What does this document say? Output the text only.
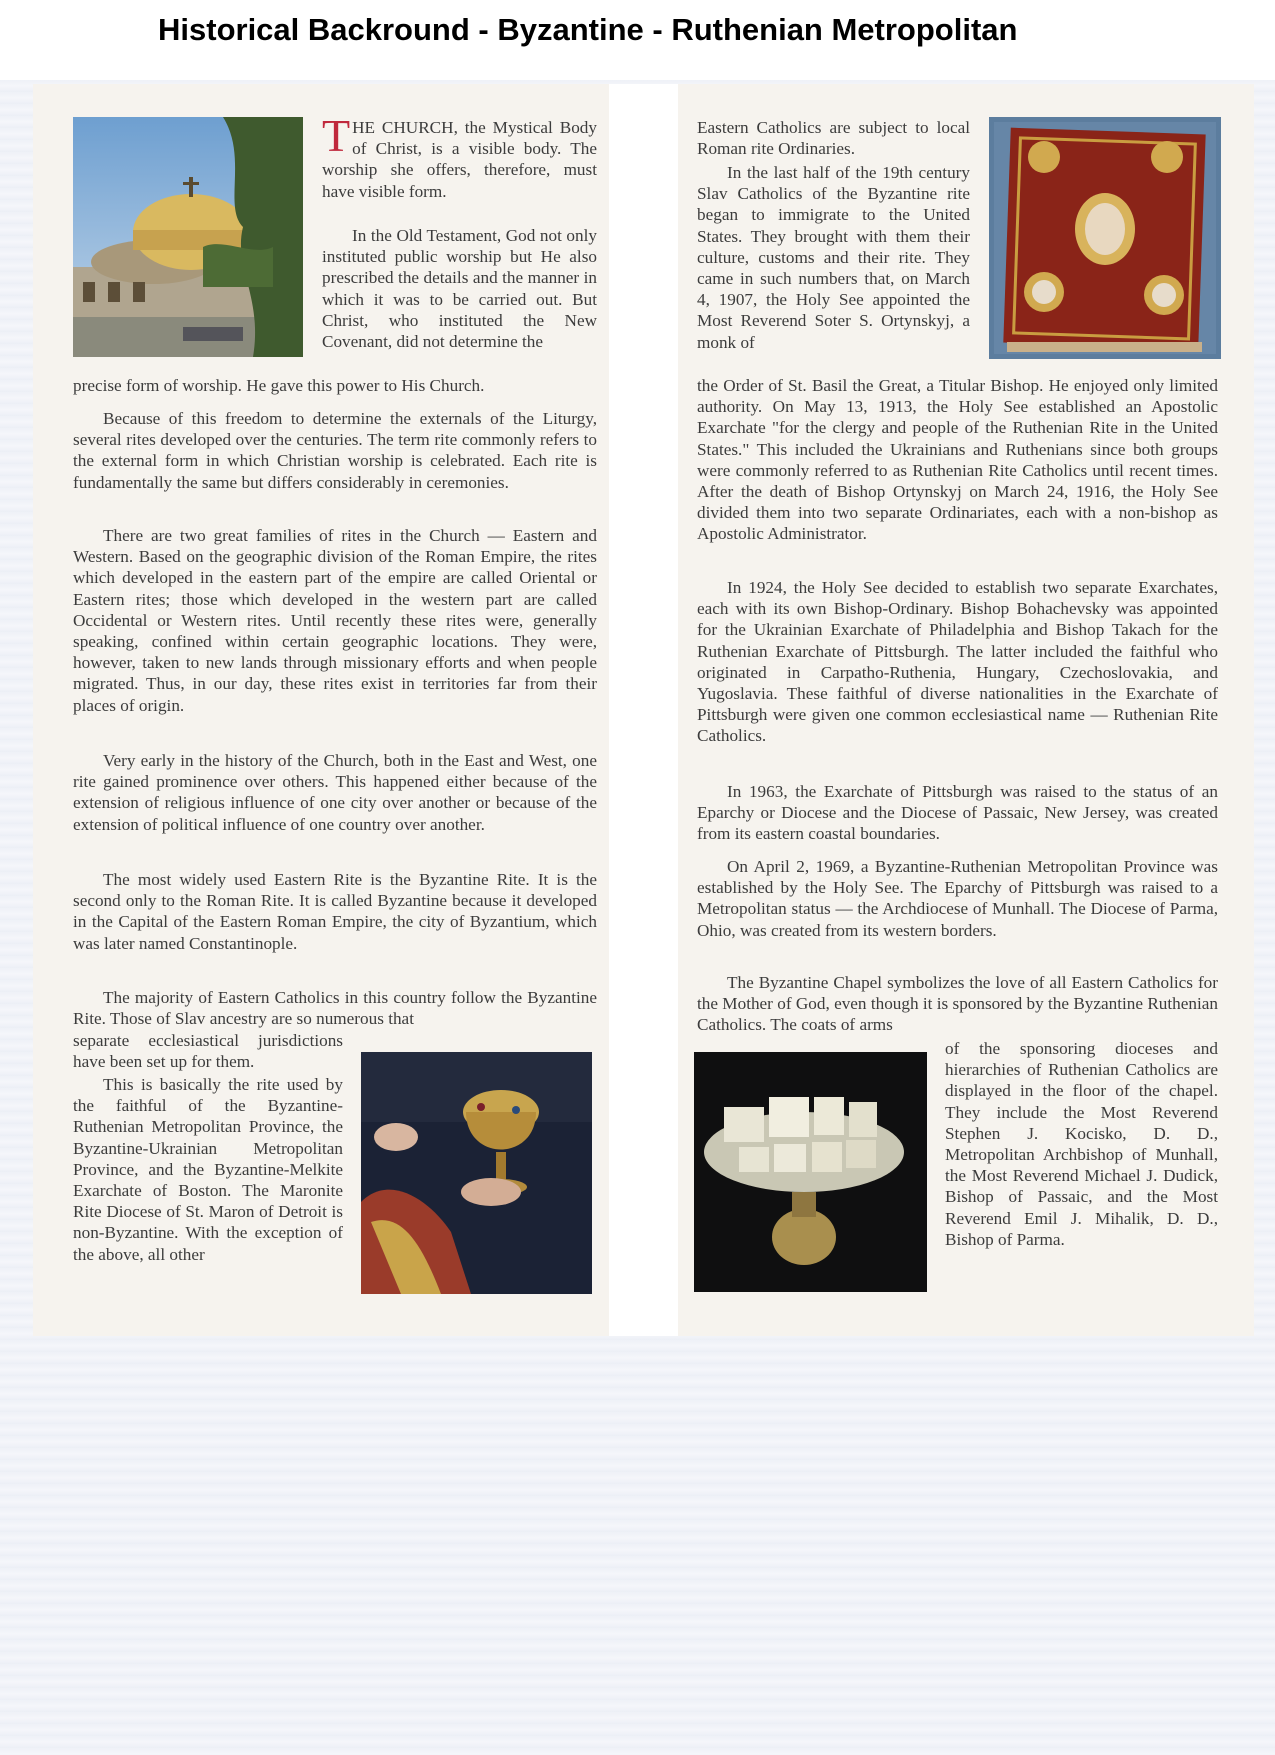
Historical Backround - Byzantine - Ruthenian Metropolitan
THE CHURCH, the Mystical Body of Christ, is a visible body. The worship she offers, therefore, must have visible form.
In the Old Testament, God not only instituted public worship but He also prescribed the details and the manner in which it was to be carried out. But Christ, who instituted the New Covenant, did not determine the
precise form of worship. He gave this power to His Church.
Because of this freedom to determine the externals of the Liturgy, several rites developed over the centuries. The term rite commonly refers to the external form in which Christian worship is celebrated. Each rite is fundamentally the same but differs considerably in ceremonies.
There are two great families of rites in the Church — Eastern and Western. Based on the geographic division of the Roman Empire, the rites which developed in the eastern part of the empire are called Oriental or Eastern rites; those which developed in the western part are called Occidental or Western rites. Until recently these rites were, generally speaking, confined within certain geographic locations. They were, however, taken to new lands through missionary efforts and when people migrated. Thus, in our day, these rites exist in territories far from their places of origin.
Very early in the history of the Church, both in the East and West, one rite gained prominence over others. This happened either because of the extension of religious influence of one city over another or because of the extension of political influence of one country over another.
The most widely used Eastern Rite is the Byzantine Rite. It is the second only to the Roman Rite. It is called Byzantine because it developed in the Capital of the Eastern Roman Empire, the city of Byzantium, which was later named Constantinople.
The majority of Eastern Catholics in this country follow the Byzantine Rite. Those of Slav ancestry are so numerous that
separate ecclesiastical jurisdictions have been set up for them.
This is basically the rite used by the faithful of the Byzantine-Ruthenian Metropolitan Province, the Byzantine-Ukrainian Metropolitan Province, and the Byzantine-Melkite Exarchate of Boston. The Maronite Rite Diocese of St. Maron of Detroit is non-Byzantine. With the exception of the above, all other
Eastern Catholics are subject to local Roman rite Ordinaries.
In the last half of the 19th century Slav Catholics of the Byzantine rite began to immigrate to the United States. They brought with them their culture, customs and their rite. They came in such numbers that, on March 4, 1907, the Holy See appointed the Most Reverend Soter S. Ortynskyj, a monk of
the Order of St. Basil the Great, a Titular Bishop. He enjoyed only limited authority. On May 13, 1913, the Holy See established an Apostolic Exarchate "for the clergy and people of the Ruthenian Rite in the United States." This included the Ukrainians and Ruthenians since both groups were commonly referred to as Ruthenian Rite Catholics until recent times. After the death of Bishop Ortynskyj on March 24, 1916, the Holy See divided them into two separate Ordinariates, each with a non-bishop as Apostolic Administrator.
In 1924, the Holy See decided to establish two separate Exarchates, each with its own Bishop-Ordinary. Bishop Bohachevsky was appointed for the Ukrainian Exarchate of Philadelphia and Bishop Takach for the Ruthenian Exarchate of Pittsburgh. The latter included the faithful who originated in Carpatho-Ruthenia, Hungary, Czechoslovakia, and Yugoslavia. These faithful of diverse nationalities in the Exarchate of Pittsburgh were given one common ecclesiastical name — Ruthenian Rite Catholics.
In 1963, the Exarchate of Pittsburgh was raised to the status of an Eparchy or Diocese and the Diocese of Passaic, New Jersey, was created from its eastern coastal boundaries.
On April 2, 1969, a Byzantine-Ruthenian Metropolitan Province was established by the Holy See. The Eparchy of Pittsburgh was raised to a Metropolitan status — the Archdiocese of Munhall. The Diocese of Parma, Ohio, was created from its western borders.
The Byzantine Chapel symbolizes the love of all Eastern Catholics for the Mother of God, even though it is sponsored by the Byzantine Ruthenian Catholics. The coats of arms
of the sponsoring dioceses and hierarchies of Ruthenian Catholics are displayed in the floor of the chapel. They include the Most Reverend Stephen J. Kocisko, D. D., Metropolitan Archbishop of Munhall, the Most Reverend Michael J. Dudick, Bishop of Passaic, and the Most Reverend Emil J. Mihalik, D. D., Bishop of Parma.
